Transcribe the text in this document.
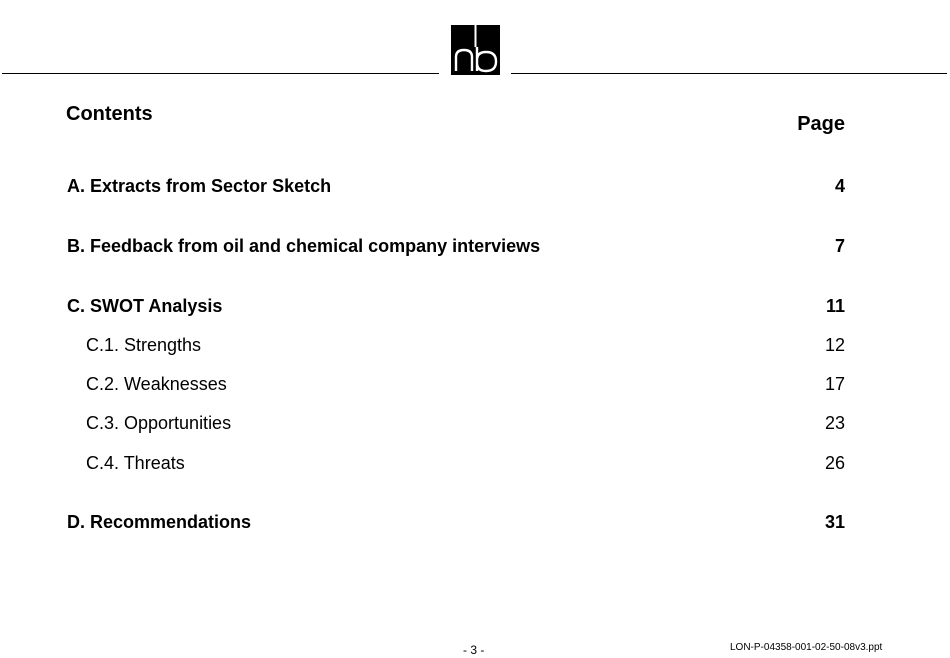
Contents	Page
A. Extracts from Sector Sketch	4
B. Feedback from oil and chemical company interviews	7
C. SWOT Analysis	11
C.1. Strengths	12
C.2. Weaknesses	17
C.3. Opportunities	23
C.4. Threats	26
D. Recommendations	31
- 3 -	LON-P-04358-001-02-50-08v3.ppt
